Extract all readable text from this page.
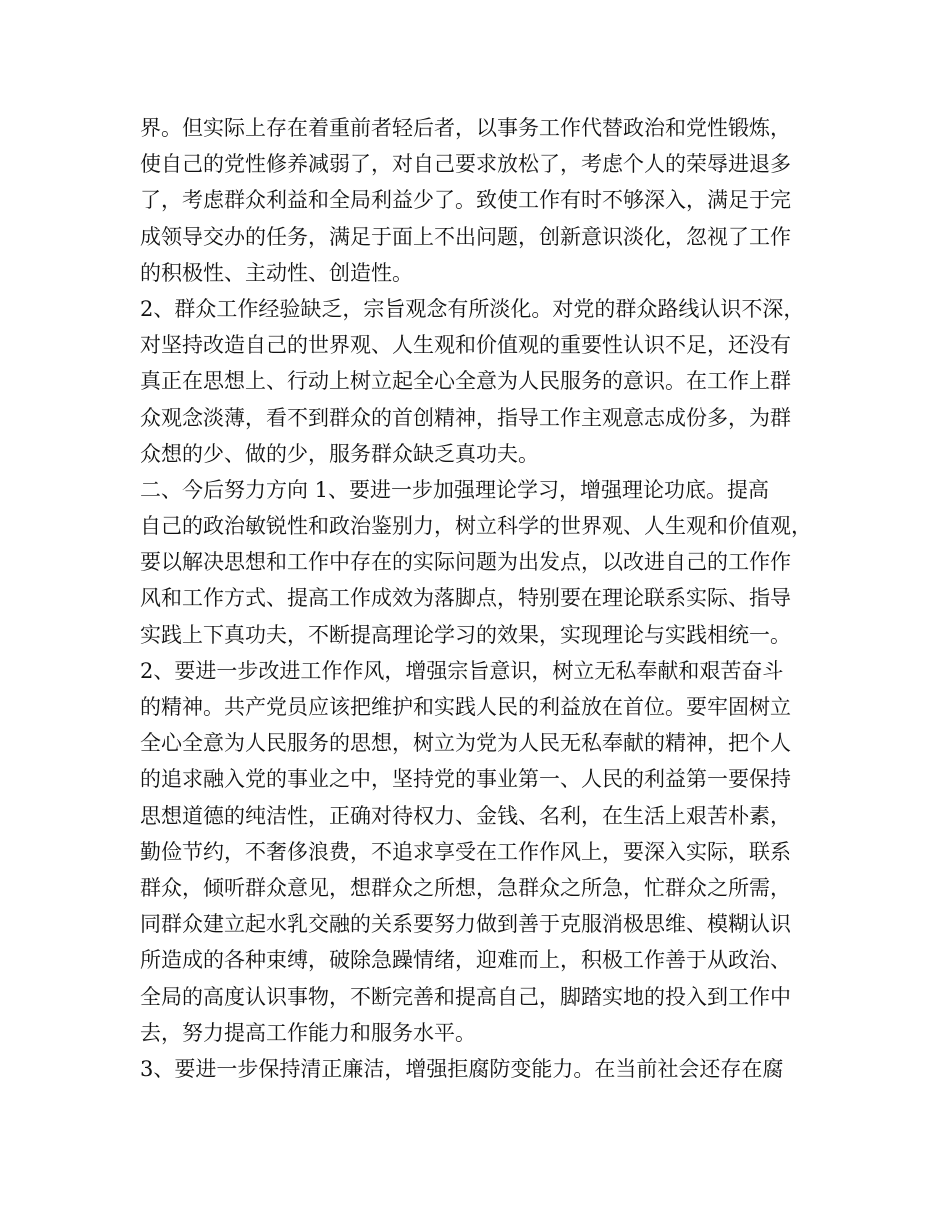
界。但实际上存在着重前者轻后者，以事务工作代替政治和党性锻炼，
使自己的党性修养减弱了，对自己要求放松了，考虑个人的荣辱进退多
了，考虑群众利益和全局利益少了。致使工作有时不够深入，满足于完
成领导交办的任务，满足于面上不出问题，创新意识淡化，忽视了工作
的积极性、主动性、创造性。
2、群众工作经验缺乏，宗旨观念有所淡化。对党的群众路线认识不深，
对坚持改造自己的世界观、人生观和价值观的重要性认识不足，还没有
真正在思想上、行动上树立起全心全意为人民服务的意识。在工作上群
众观念淡薄，看不到群众的首创精神，指导工作主观意志成份多，为群
众想的少、做的少，服务群众缺乏真功夫。
二、今后努力方向 1、要进一步加强理论学习，增强理论功底。提高
自己的政治敏锐性和政治鉴别力，树立科学的世界观、人生观和价值观，
要以解决思想和工作中存在的实际问题为出发点，以改进自己的工作作
风和工作方式、提高工作成效为落脚点，特别要在理论联系实际、指导
实践上下真功夫，不断提高理论学习的效果，实现理论与实践相统一。
2、要进一步改进工作作风，增强宗旨意识，树立无私奉献和艰苦奋斗
的精神。共产党员应该把维护和实践人民的利益放在首位。要牢固树立
全心全意为人民服务的思想，树立为党为人民无私奉献的精神，把个人
的追求融入党的事业之中，坚持党的事业第一、人民的利益第一要保持
思想道德的纯洁性，正确对待权力、金钱、名利，在生活上艰苦朴素，
勤俭节约，不奢侈浪费，不追求享受在工作作风上，要深入实际，联系
群众，倾听群众意见，想群众之所想，急群众之所急，忙群众之所需，
同群众建立起水乳交融的关系要努力做到善于克服消极思维、模糊认识
所造成的各种束缚，破除急躁情绪，迎难而上，积极工作善于从政治、
全局的高度认识事物，不断完善和提高自己，脚踏实地的投入到工作中
去，努力提高工作能力和服务水平。
3、要进一步保持清正廉洁，增强拒腐防变能力。在当前社会还存在腐
